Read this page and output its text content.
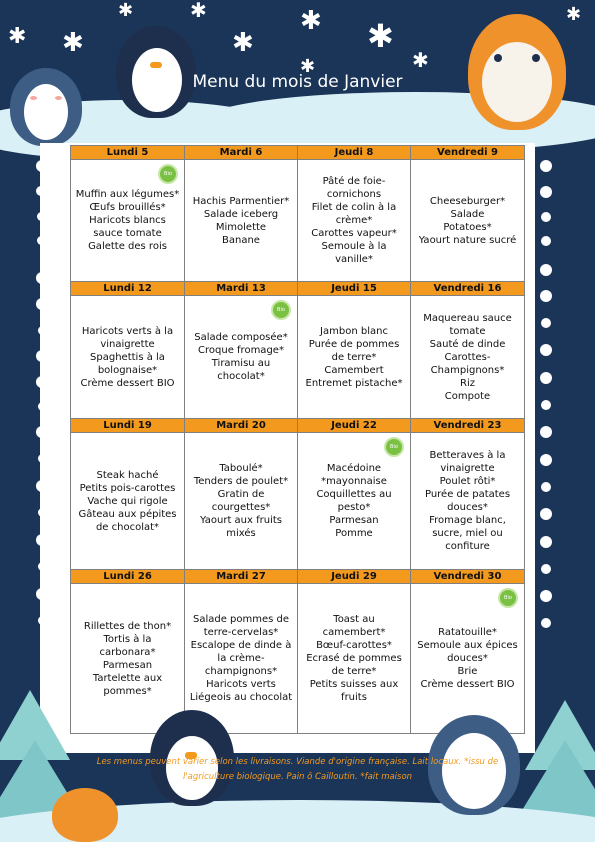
✱ ✱
✱	✱
✱
✱ ✱
✱
✱
✱
Menu du mois de Janvier
Lundi 5	Mardi 6	Jeudi 8	Vendredi 9

Bio
Muffin aux légumes*
Œufs brouillés*
Haricots blancs sauce tomate
Galette des rois	Hachis Parmentier*
Salade iceberg
Mimolette
Banane	Pâté de foie-cornichons
Filet de colin à la crème*
Carottes vapeur*
Semoule à la vanille*	Cheeseburger*
Salade
Potatoes*
Yaourt nature sucré

Lundi 12	Mardi 13	Jeudi 15	Vendredi 16

Haricots verts à la vinaigrette
Spaghettis à la bolognaise*
Crème dessert BIO	Bio
Salade composée*
Croque fromage*
Tiramisu au chocolat*	Jambon blanc
Purée de pommes de terre*
Camembert
Entremet pistache*	Maquereau sauce tomate
Sauté de dinde
Carottes-Champignons*
Riz
Compote

Lundi 19	Mardi 20	Jeudi 22	Vendredi 23

Steak haché
Petits pois-carottes
Vache qui rigole
Gâteau aux pépites de chocolat*	Taboulé*
Tenders de poulet*
Gratin de courgettes*
Yaourt aux fruits mixés	Bio
Macédoine *mayonnaise
Coquillettes au pesto*
Parmesan
Pomme	Betteraves à la vinaigrette
Poulet rôti*
Purée de patates douces*
Fromage blanc, sucre, miel ou confiture

Lundi 26	Mardi 27	Jeudi 29	Vendredi 30

Rillettes de thon*
Tortis à la carbonara*
Parmesan
Tartelette aux pommes*	Salade pommes de terre-cervelas*
Escalope de dinde à la crème-champignons*
Haricots verts
Liégeois au chocolat	Toast au camembert*
Bœuf-carottes*
Ecrasé de pommes de terre*
Petits suisses aux fruits	Bio
Ratatouille*
Semoule aux épices douces*
Brie
Crème dessert BIO
Les menus peuvent varier selon les livraisons. Viande d'origine française. Lait locaux. *issu de
l'agriculture biologique. Pain ô Cailloutin. *fait maison
